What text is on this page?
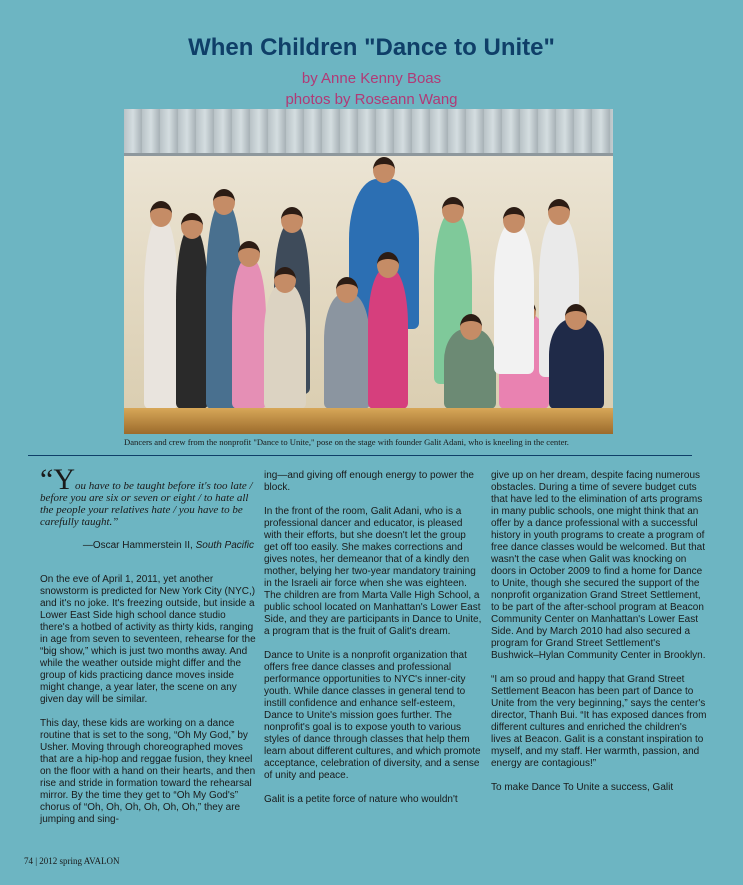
When Children "Dance to Unite"
by Anne Kenny Boas
photos by Roseann Wang
Dancers and crew from the nonprofit "Dance to Unite," pose on the stage with founder Galit Adani, who is kneeling in the center.

“You have to be taught before it's too late / before you are six or seven or eight / to hate all the people your relatives hate / you have to be carefully taught.”

—Oscar Hammerstein II, South Pacific

On the eve of April 1, 2011, yet another snowstorm is predicted for New York City (NYC,) and it's no joke. It's freezing outside, but inside a Lower East Side high school dance studio there's a hotbed of activity as thirty kids, ranging in age from seven to seventeen, rehearse for the “big show,” which is just two months away. And while the weather outside might differ and the group of kids practicing dance moves inside might change, a year later, the scene on any given day will be similar.

This day, these kids are working on a dance routine that is set to the song, “Oh My God,” by Usher. Moving through choreographed moves that are a hip-hop and reggae fusion, they kneel on the floor with a hand on their hearts, and then rise and stride in formation toward the rehearsal mirror. By the time they get to “Oh My God's” chorus of “Oh, Oh, Oh, Oh, Oh, Oh,” they are jumping and sing-

ing—and giving off enough energy to power the block.

In the front of the room, Galit Adani, who is a professional dancer and educator, is pleased with their efforts, but she doesn't let the group get off too easily. She makes corrections and gives notes, her demeanor that of a kindly den mother, belying her two-year mandatory training in the Israeli air force when she was eighteen. The children are from Marta Valle High School, a public school located on Manhattan's Lower East Side, and they are participants in Dance to Unite, a program that is the fruit of Galit's dream.

Dance to Unite is a nonprofit organization that offers free dance classes and professional performance opportunities to NYC's inner-city youth. While dance classes in general tend to instill confidence and enhance self-esteem, Dance to Unite's mission goes further. The nonprofit's goal is to expose youth to various styles of dance through classes that help them learn about different cultures, and which promote acceptance, celebration of diversity, and a sense of unity and peace.

Galit is a petite force of nature who wouldn't

give up on her dream, despite facing numerous obstacles. During a time of severe budget cuts that have led to the elimination of arts programs in many public schools, one might think that an offer by a dance professional with a successful history in youth programs to create a program of free dance classes would be welcomed. But that wasn't the case when Galit was knocking on doors in October 2009 to find a home for Dance to Unite, though she secured the support of the nonprofit organization Grand Street Settlement, to be part of the after-school program at Beacon Community Center on Manhattan's Lower East Side. And by March 2010 had also secured a program for Grand Street Settlement's Bushwick–Hylan Community Center in Brooklyn.

“I am so proud and happy that Grand Street Settlement Beacon has been part of Dance to Unite from the very beginning,” says the center's director, Thanh Bui. “It has exposed dances from different cultures and enriched the children's lives at Beacon. Galit is a constant inspiration to myself, and my staff. Her warmth, passion, and energy are contagious!”

To make Dance To Unite a success, Galit

74 | 2012 spring AVALON
